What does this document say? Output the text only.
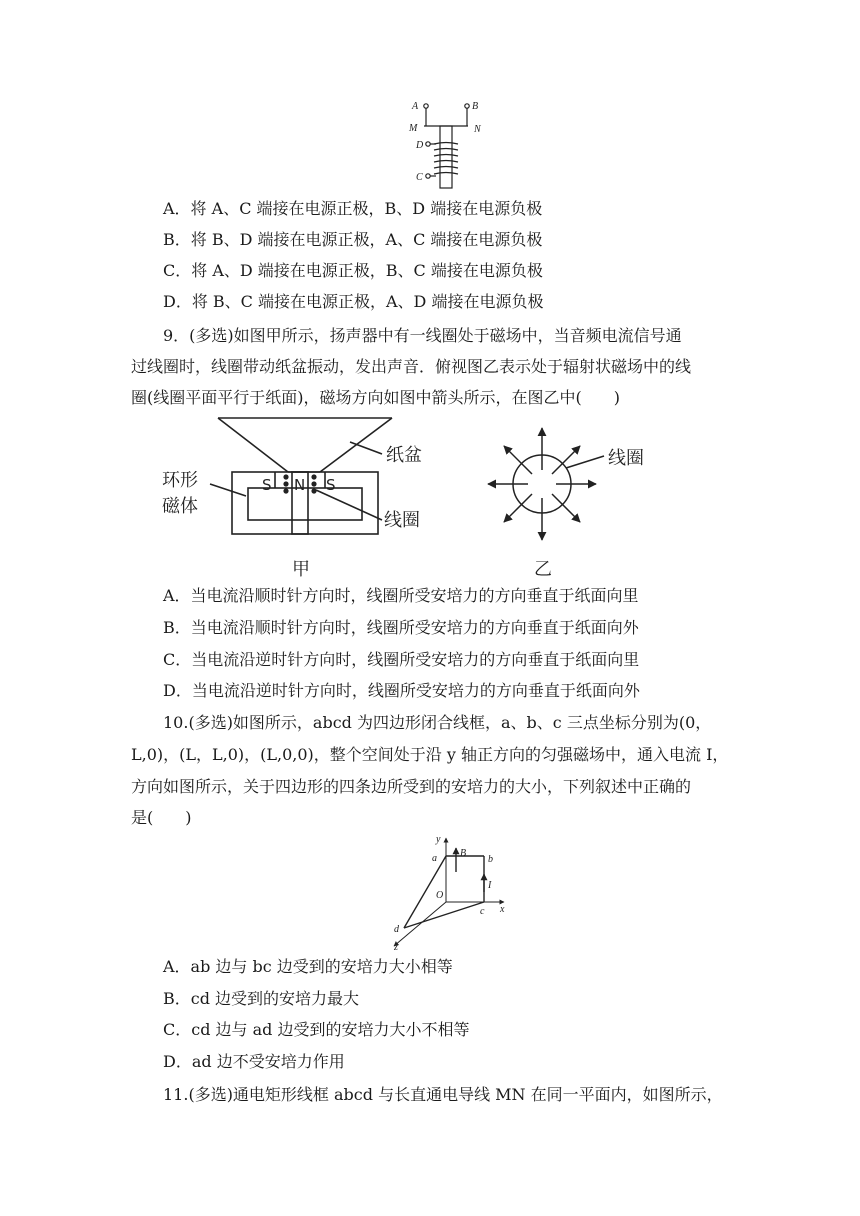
A	B
M	N
D
C
A．将 A、C 端接在电源正极，B、D 端接在电源负极
B．将 B、D 端接在电源正极，A、C 端接在电源负极
C．将 A、D 端接在电源正极，B、C 端接在电源负极
D．将 B、C 端接在电源正极，A、D 端接在电源负极
9．(多选)如图甲所示，扬声器中有一线圈处于磁场中，当音频电流信号通
过线圈时，线圈带动纸盆振动，发出声音．俯视图乙表示处于辐射状磁场中的线
圈(线圈平面平行于纸面)，磁场方向如图中箭头所示，在图乙中(　　)
纸盆
环形
磁体
线圈
甲
S N S
线圈
乙
A．当电流沿顺时针方向时，线圈所受安培力的方向垂直于纸面向里
B．当电流沿顺时针方向时，线圈所受安培力的方向垂直于纸面向外
C．当电流沿逆时针方向时，线圈所受安培力的方向垂直于纸面向里
D．当电流沿逆时针方向时，线圈所受安培力的方向垂直于纸面向外
10.(多选)如图所示，abcd 为四边形闭合线框，a、b、c 三点坐标分别为(0，
L,0)，(L，L,0)，(L,0,0)，整个空间处于沿 y 轴正方向的匀强磁场中，通入电流 I，
方向如图所示，关于四边形的四条边所受到的安培力的大小，下列叙述中正确的
是(　　)
y
a B
b
I
O
c x
d
z
A．ab 边与 bc 边受到的安培力大小相等
B．cd 边受到的安培力最大
C．cd 边与 ad 边受到的安培力大小不相等
D．ad 边不受安培力作用
11.(多选)通电矩形线框 abcd 与长直通电导线 MN 在同一平面内，如图所示，
